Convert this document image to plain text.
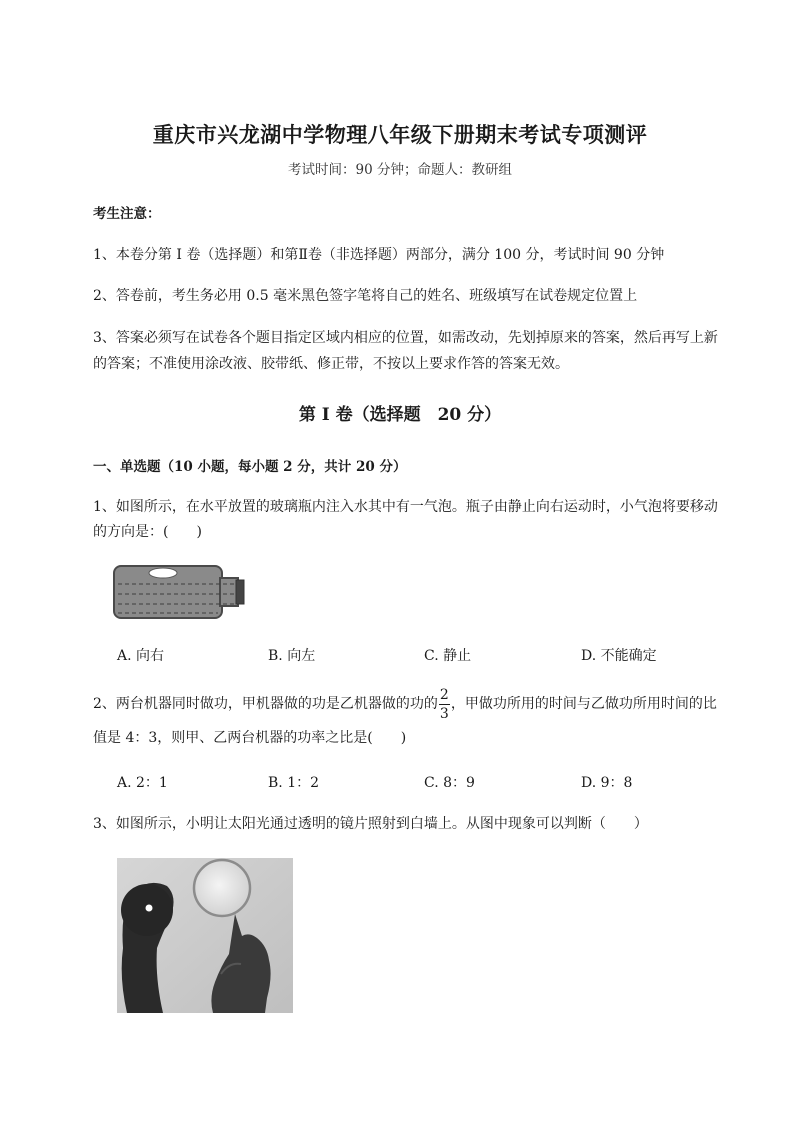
重庆市兴龙湖中学物理八年级下册期末考试专项测评
考试时间：90 分钟；命题人：教研组
考生注意：
1、本卷分第 I 卷（选择题）和第Ⅱ卷（非选择题）两部分，满分 100 分，考试时间 90 分钟
2、答卷前，考生务必用 0.5 毫米黑色签字笔将自己的姓名、班级填写在试卷规定位置上
3、答案必须写在试卷各个题目指定区域内相应的位置，如需改动，先划掉原来的答案，然后再写上新
的答案；不准使用涂改液、胶带纸、修正带，不按以上要求作答的答案无效。
第 I 卷（选择题　20 分）
一、单选题（10 小题，每小题 2 分，共计 20 分）
1、如图所示，在水平放置的玻璃瓶内注入水其中有一气泡。瓶子由静止向右运动时，小气泡将要移动
的方向是：(　　)
A. 向右	B. 向左	C. 静止	D. 不能确定
2、两台机器同时做功，甲机器做的功是乙机器做的功的 $\frac{2}{3}$ ，甲做功所用的时间与乙做功所用时间的比
值是 4：3，则甲、乙两台机器的功率之比是(　　)
A. 2：1	B. 1：2	C. 8：9	D. 9：8
3、如图所示，小明让太阳光通过透明的镜片照射到白墙上。从图中现象可以判断（　　）
